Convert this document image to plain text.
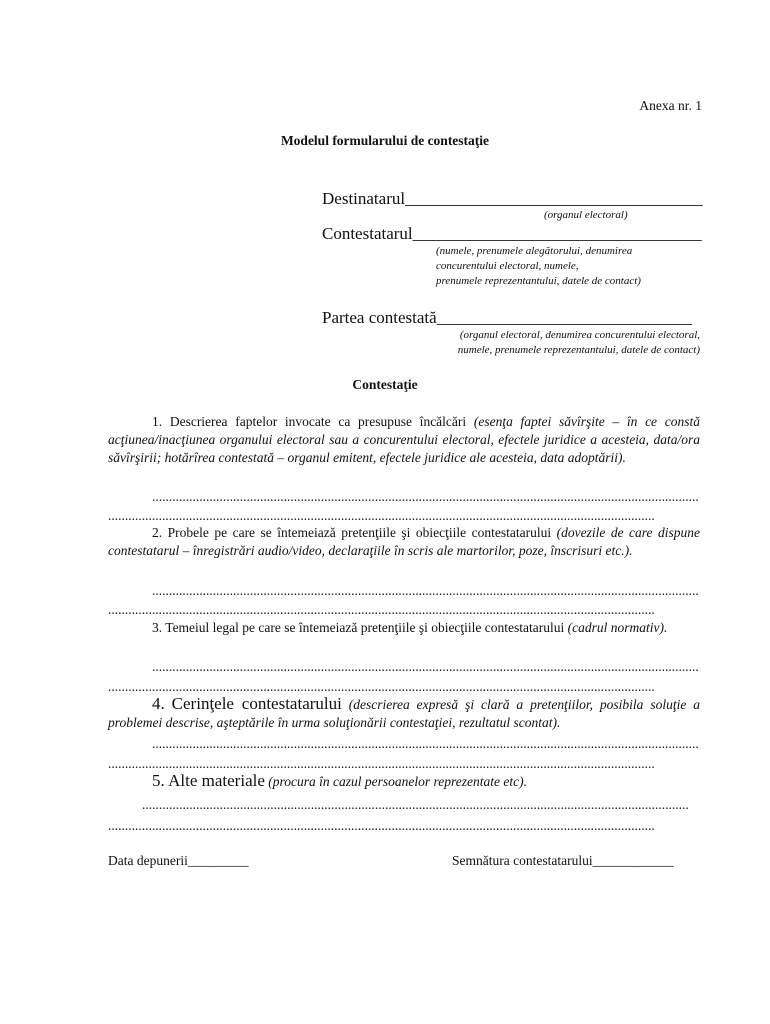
Anexa nr. 1
Modelul formularului de contestaţie
Destinatarul___________________________________
(organul electoral)
Contestatarul__________________________________
(numele, prenumele alegătorului, denumirea
concurentului electoral, numele,
prenumele reprezentantului, datele de contact)
Partea contestată______________________________
(organul electoral, denumirea concurentului electoral,
numele, prenumele reprezentantului, datele de contact)
Contestaţie
1. Descrierea faptelor invocate ca presupuse încălcări (esenţa faptei săvîrşite – în ce constă acţiunea/inacţiunea organului electoral sau a concurentului electoral, efectele juridice a acesteia, data/ora săvîrşirii; hotărîrea contestată – organul emitent, efectele juridice ale acesteia, data adoptării).
..................................................................................................................................................................
..................................................................................................................................................................
2. Probele pe care se întemeiază pretenţiile şi obiecţiile contestatarului (dovezile de care dispune contestatarul – înregistrări audio/video, declaraţiile în scris ale martorilor, poze, înscrisuri etc.).
..................................................................................................................................................................
..................................................................................................................................................................
3. Temeiul legal pe care se întemeiază pretenţiile şi obiecţiile contestatarului (cadrul normativ).
..................................................................................................................................................................
..................................................................................................................................................................
4. Cerinţele contestatarului (descrierea expresă şi clară a pretenţiilor, posibila soluţie a problemei descrise, aşteptările în urma soluţionării contestaţiei, rezultatul scontat).
..................................................................................................................................................................
..................................................................................................................................................................
5. Alte materiale (procura în cazul persoanelor reprezentate etc).
..................................................................................................................................................................
..................................................................................................................................................................
Data depunerii_________	Semnătura contestatarului____________
